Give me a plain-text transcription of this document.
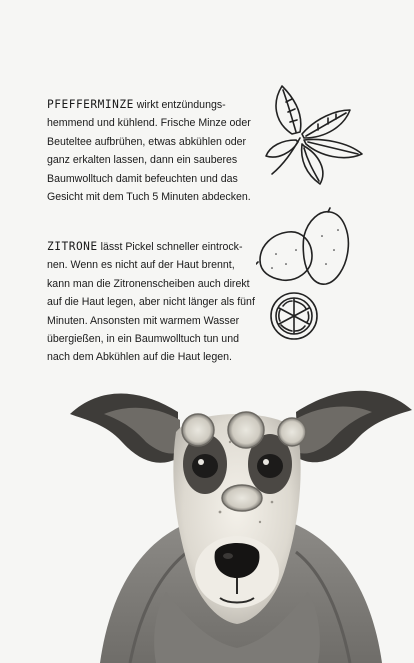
PFEFFERMINZE wirkt entzündungshemmend und kühlend. Frische Minze oder Beuteltee aufbrühen, etwas abkühlen oder ganz erkalten lassen, dann ein sauberes Baumwolltuch damit befeuchten und das Gesicht mit dem Tuch 5 Minuten abdecken.
ZITRONE lässt Pickel schneller eintrocknen. Wenn es nicht auf der Haut brennt, kann man die Zitronenscheiben auch direkt auf die Haut legen, aber nicht länger als fünf Minuten. Ansonsten mit warmem Wasser übergießen, in ein Baumwolltuch tun und nach dem Abkühlen auf die Haut legen.
